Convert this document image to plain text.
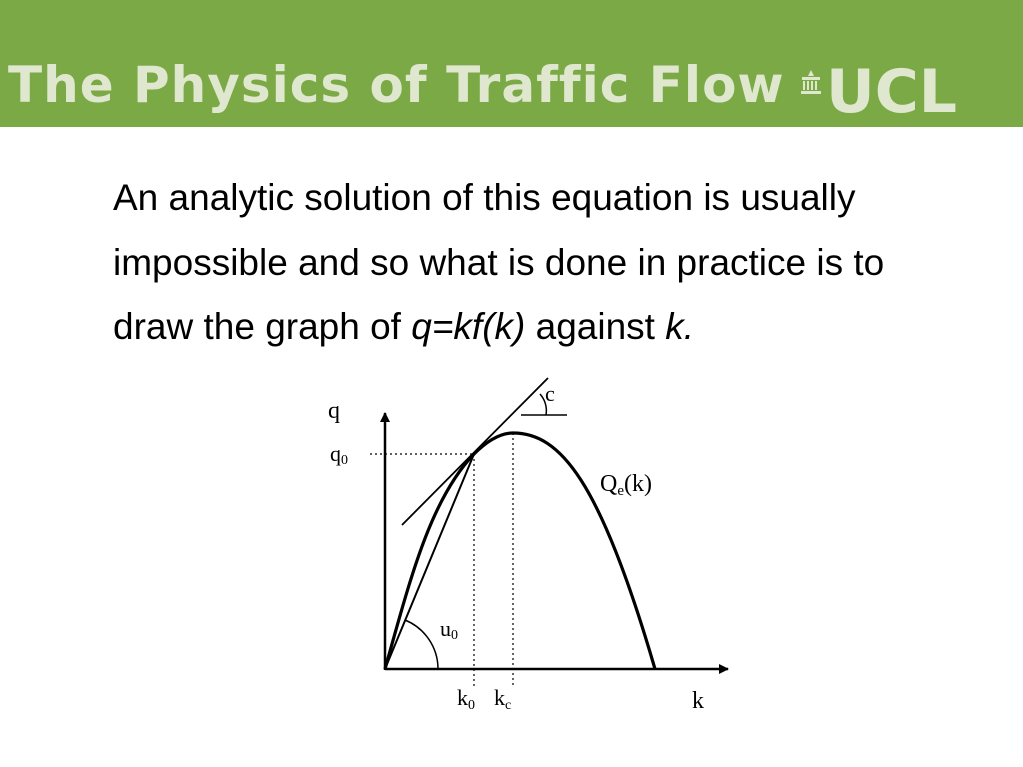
The Physics of Traffic Flow UCL

An analytic solution of this equation is usually

impossible and so what is done in practice is to

draw the graph of q=kf(k) against k.

q
q0
c
Qe(k)
u0
k0 kc	k
